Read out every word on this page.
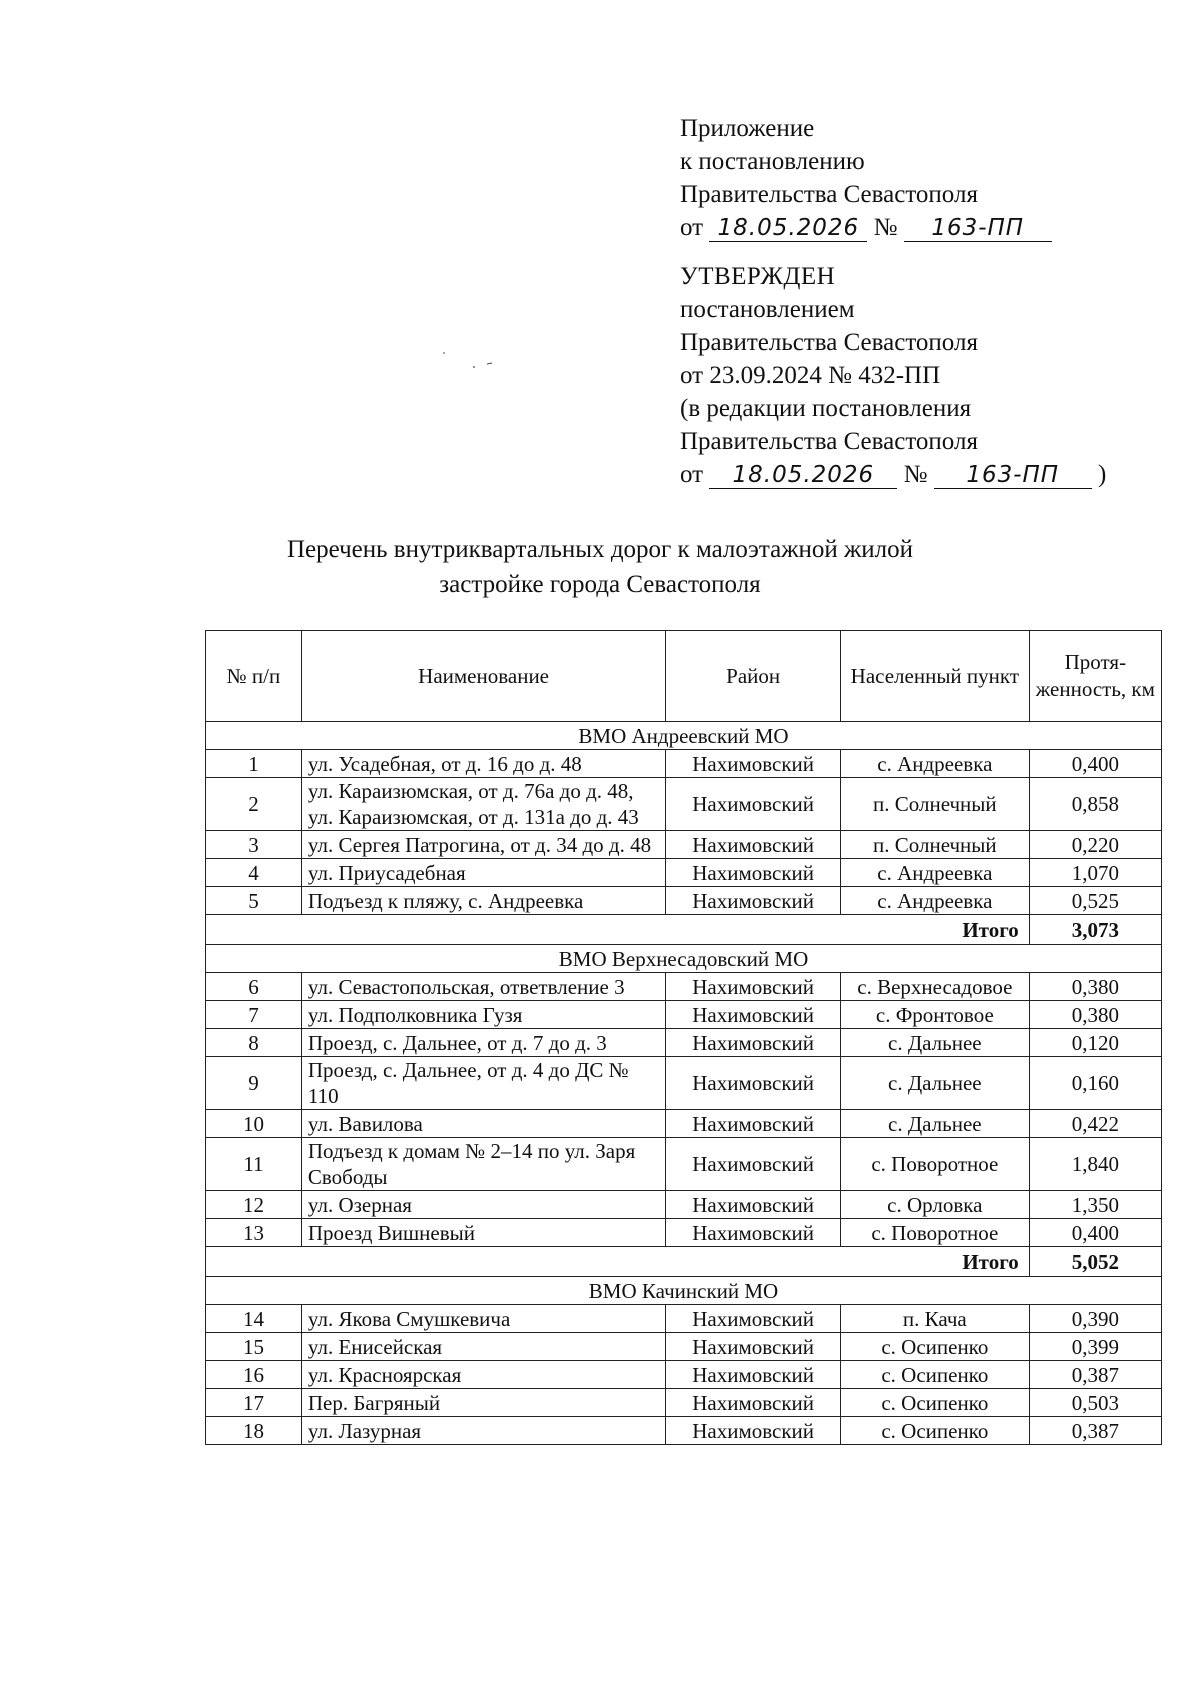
Приложение
к постановлению
Правительства Севастополя
от 18.05.2026 № 163-ПП
УТВЕРЖДЕН
постановлением
Правительства Севастополя
от 23.09.2024 № 432-ПП
(в редакции постановления
Правительства Севастополя
от 18.05.2026 № 163-ПП )
Перечень внутриквартальных дорог к малоэтажной жилой
застройке города Севастополя
№ п/п	Наименование	Район	Населенный пункт	Протя-женность, км
ВМО Андреевский МО				
1	ул. Усадебная, от д. 16 до д. 48	Нахимовский	с. Андреевка	0,400
2	ул. Караизюмская, от д. 76а до д. 48, ул. Караизюмская, от д. 131а до д. 43	Нахимовский	п. Солнечный	0,858
3	ул. Сергея Патрогина, от д. 34 до д. 48	Нахимовский	п. Солнечный	0,220
4	ул. Приусадебная	Нахимовский	с. Андреевка	1,070
5	Подъезд к пляжу, с. Андреевка	Нахимовский	с. Андреевка	0,525
Итого				3,073
ВМО Верхнесадовский МО				
6	ул. Севастопольская, ответвление 3	Нахимовский	с. Верхнесадовое	0,380
7	ул. Подполковника Гузя	Нахимовский	с. Фронтовое	0,380
8	Проезд, с. Дальнее, от д. 7 до д. 3	Нахимовский	с. Дальнее	0,120
9	Проезд, с. Дальнее, от д. 4 до ДС № 110	Нахимовский	с. Дальнее	0,160
10	ул. Вавилова	Нахимовский	с. Дальнее	0,422
11	Подъезд к домам № 2–14 по ул. Заря Свободы	Нахимовский	с. Поворотное	1,840
12	ул. Озерная	Нахимовский	с. Орловка	1,350
13	Проезд Вишневый	Нахимовский	с. Поворотное	0,400
Итого				5,052
ВМО Качинский МО				
14	ул. Якова Смушкевича	Нахимовский	п. Кача	0,390
15	ул. Енисейская	Нахимовский	с. Осипенко	0,399
16	ул. Красноярская	Нахимовский	с. Осипенко	0,387
17	Пер. Багряный	Нахимовский	с. Осипенко	0,503
18	ул. Лазурная	Нахимовский	с. Осипенко	0,387
